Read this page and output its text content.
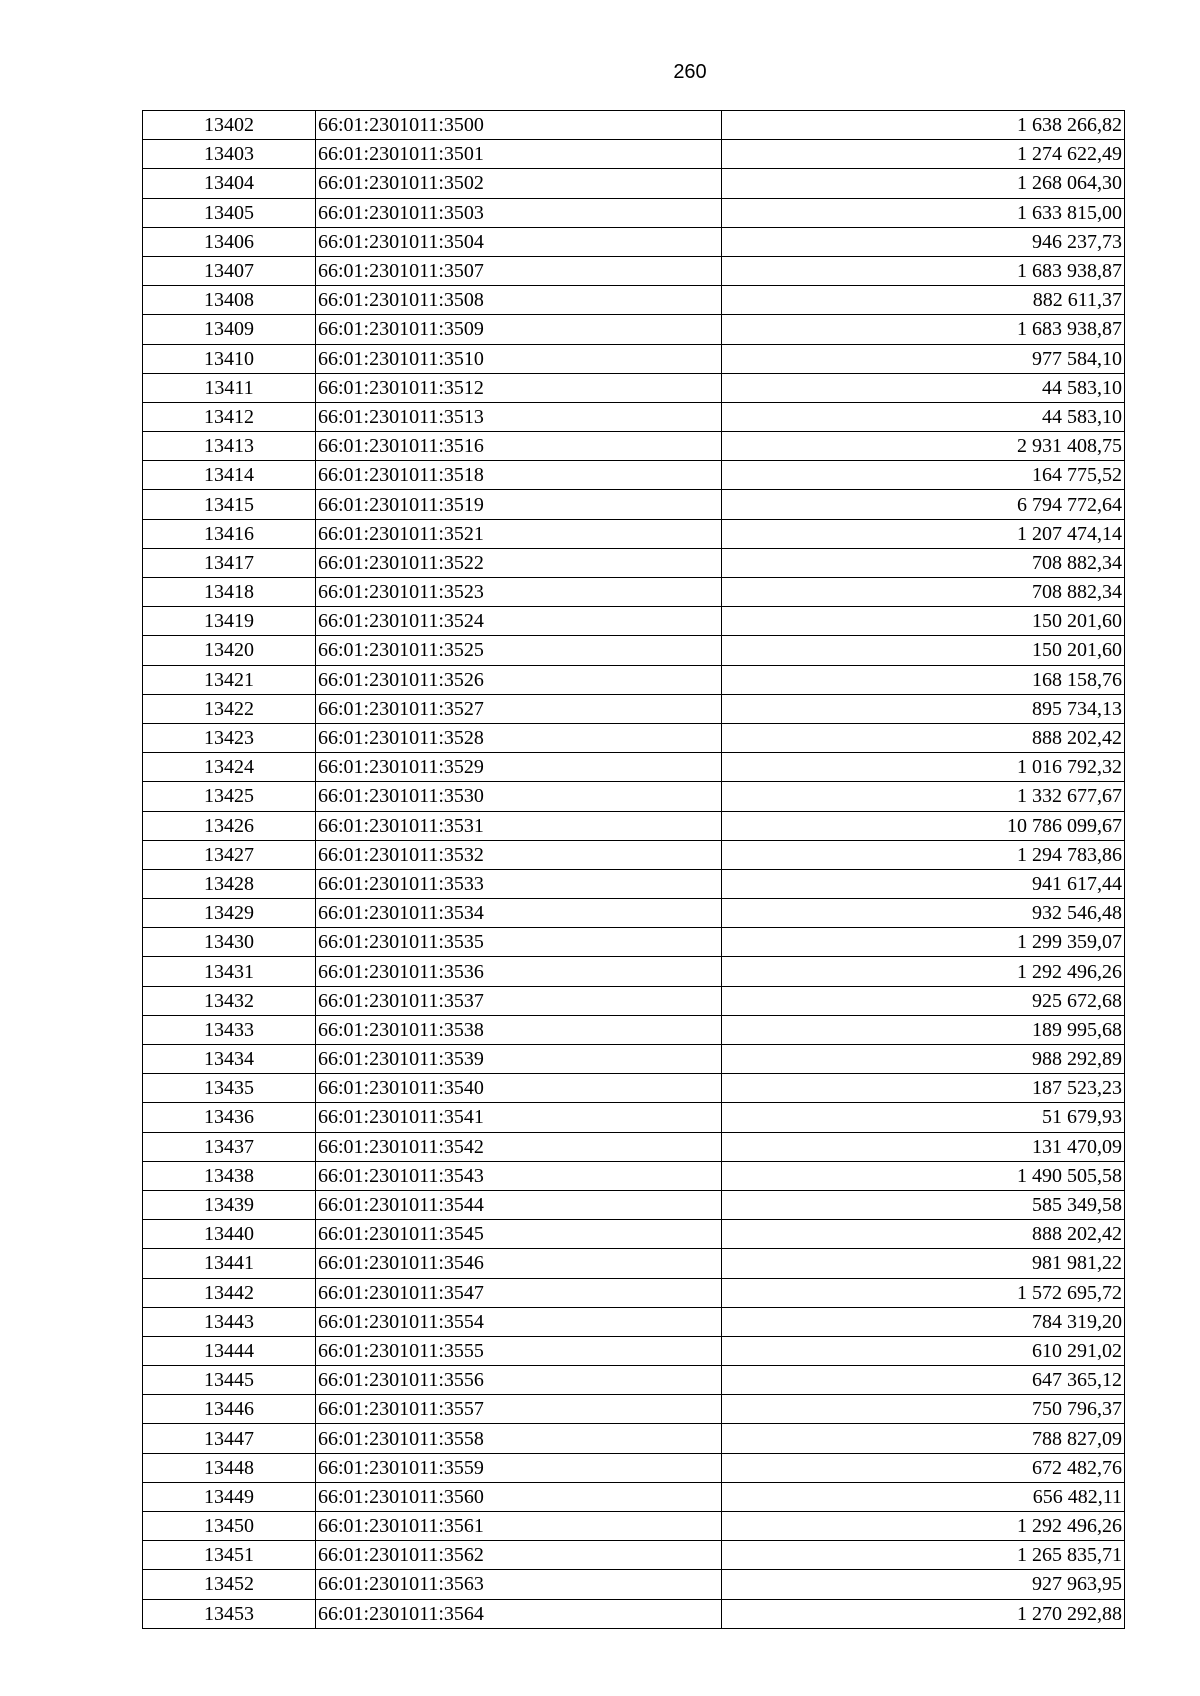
260
13402	66:01:2301011:3500	1 638 266,82
13403	66:01:2301011:3501	1 274 622,49
13404	66:01:2301011:3502	1 268 064,30
13405	66:01:2301011:3503	1 633 815,00
13406	66:01:2301011:3504	946 237,73
13407	66:01:2301011:3507	1 683 938,87
13408	66:01:2301011:3508	882 611,37
13409	66:01:2301011:3509	1 683 938,87
13410	66:01:2301011:3510	977 584,10
13411	66:01:2301011:3512	44 583,10
13412	66:01:2301011:3513	44 583,10
13413	66:01:2301011:3516	2 931 408,75
13414	66:01:2301011:3518	164 775,52
13415	66:01:2301011:3519	6 794 772,64
13416	66:01:2301011:3521	1 207 474,14
13417	66:01:2301011:3522	708 882,34
13418	66:01:2301011:3523	708 882,34
13419	66:01:2301011:3524	150 201,60
13420	66:01:2301011:3525	150 201,60
13421	66:01:2301011:3526	168 158,76
13422	66:01:2301011:3527	895 734,13
13423	66:01:2301011:3528	888 202,42
13424	66:01:2301011:3529	1 016 792,32
13425	66:01:2301011:3530	1 332 677,67
13426	66:01:2301011:3531	10 786 099,67
13427	66:01:2301011:3532	1 294 783,86
13428	66:01:2301011:3533	941 617,44
13429	66:01:2301011:3534	932 546,48
13430	66:01:2301011:3535	1 299 359,07
13431	66:01:2301011:3536	1 292 496,26
13432	66:01:2301011:3537	925 672,68
13433	66:01:2301011:3538	189 995,68
13434	66:01:2301011:3539	988 292,89
13435	66:01:2301011:3540	187 523,23
13436	66:01:2301011:3541	51 679,93
13437	66:01:2301011:3542	131 470,09
13438	66:01:2301011:3543	1 490 505,58
13439	66:01:2301011:3544	585 349,58
13440	66:01:2301011:3545	888 202,42
13441	66:01:2301011:3546	981 981,22
13442	66:01:2301011:3547	1 572 695,72
13443	66:01:2301011:3554	784 319,20
13444	66:01:2301011:3555	610 291,02
13445	66:01:2301011:3556	647 365,12
13446	66:01:2301011:3557	750 796,37
13447	66:01:2301011:3558	788 827,09
13448	66:01:2301011:3559	672 482,76
13449	66:01:2301011:3560	656 482,11
13450	66:01:2301011:3561	1 292 496,26
13451	66:01:2301011:3562	1 265 835,71
13452	66:01:2301011:3563	927 963,95
13453	66:01:2301011:3564	1 270 292,88
